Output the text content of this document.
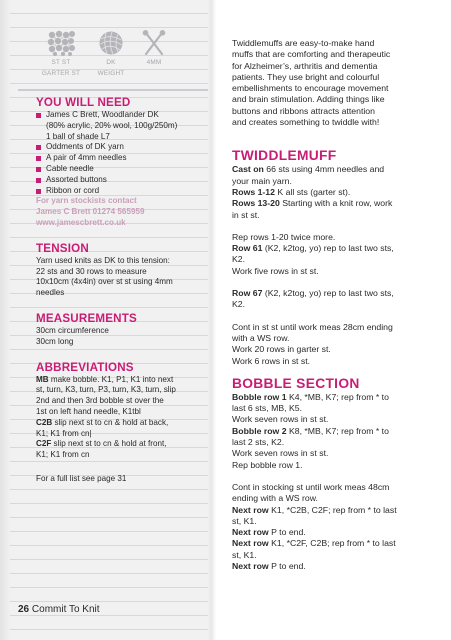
ST ST
GARTER ST
DK
WEIGHT
4MM
YOU WILL NEED
James C Brett, Woodlander DK
(80% acrylic, 20% wool, 100g/250m)
1 ball of shade L7
Oddments of DK yarn
A pair of 4mm needles
Cable needle
Assorted buttons
Ribbon or cord
For yarn stockists contact
James C Brett 01274 565959
www.jamescbrett.co.uk
TENSION
Yarn used knits as DK to this tension:
22 sts and 30 rows to measure
10x10cm (4x4in) over st st using 4mm
needles
MEASUREMENTS
30cm circumference
30cm long
ABBREVIATIONS
MB make bobble. K1, P1, K1 into next
st, turn, K3, turn, P3, turn, K3, turn, slip
2nd and then 3rd bobble st over the
1st on left hand needle, K1tbl
C2B slip next st to cn & hold at back,
K1; K1 from cn|
C2F slip next st to cn & hold at front,
K1; K1 from cn
For a full list see page 31
Twiddlemuffs are easy-to-make hand
muffs that are comforting and therapeutic
for Alzheimer’s, arthritis and dementia
patients. They use bright and colourful
embellishments to encourage movement
and brain stimulation. Adding things like
buttons and ribbons attracts attention
and creates something to twiddle with!
TWIDDLEMUFF
Cast on 66 sts using 4mm needles and
your main yarn.
Rows 1-12 K all sts (garter st).
Rows 13-20 Starting with a knit row, work
in st st.
Rep rows 1-20 twice more.
Row 61 (K2, k2tog, yo) rep to last two sts,
K2.
Work five rows in st st.
Row 67 (K2, k2tog, yo) rep to last two sts,
K2.
Cont in st st until work meas 28cm ending
with a WS row.
Work 20 rows in garter st.
Work 6 rows in st st.
BOBBLE SECTION
Bobble row 1 K4, *MB, K7; rep from * to
last 6 sts, MB, K5.
Work seven rows in st st.
Bobble row 2 K8, *MB, K7; rep from * to
last 2 sts, K2.
Work seven rows in st st.
Rep bobble row 1.
Cont in stocking st until work meas 48cm
ending with a WS row.
Next row K1, *C2B, C2F; rep from * to last
st, K1.
Next row P to end.
Next row K1, *C2F, C2B; rep from * to last
st, K1.
Next row P to end.
26 Commit To Knit
